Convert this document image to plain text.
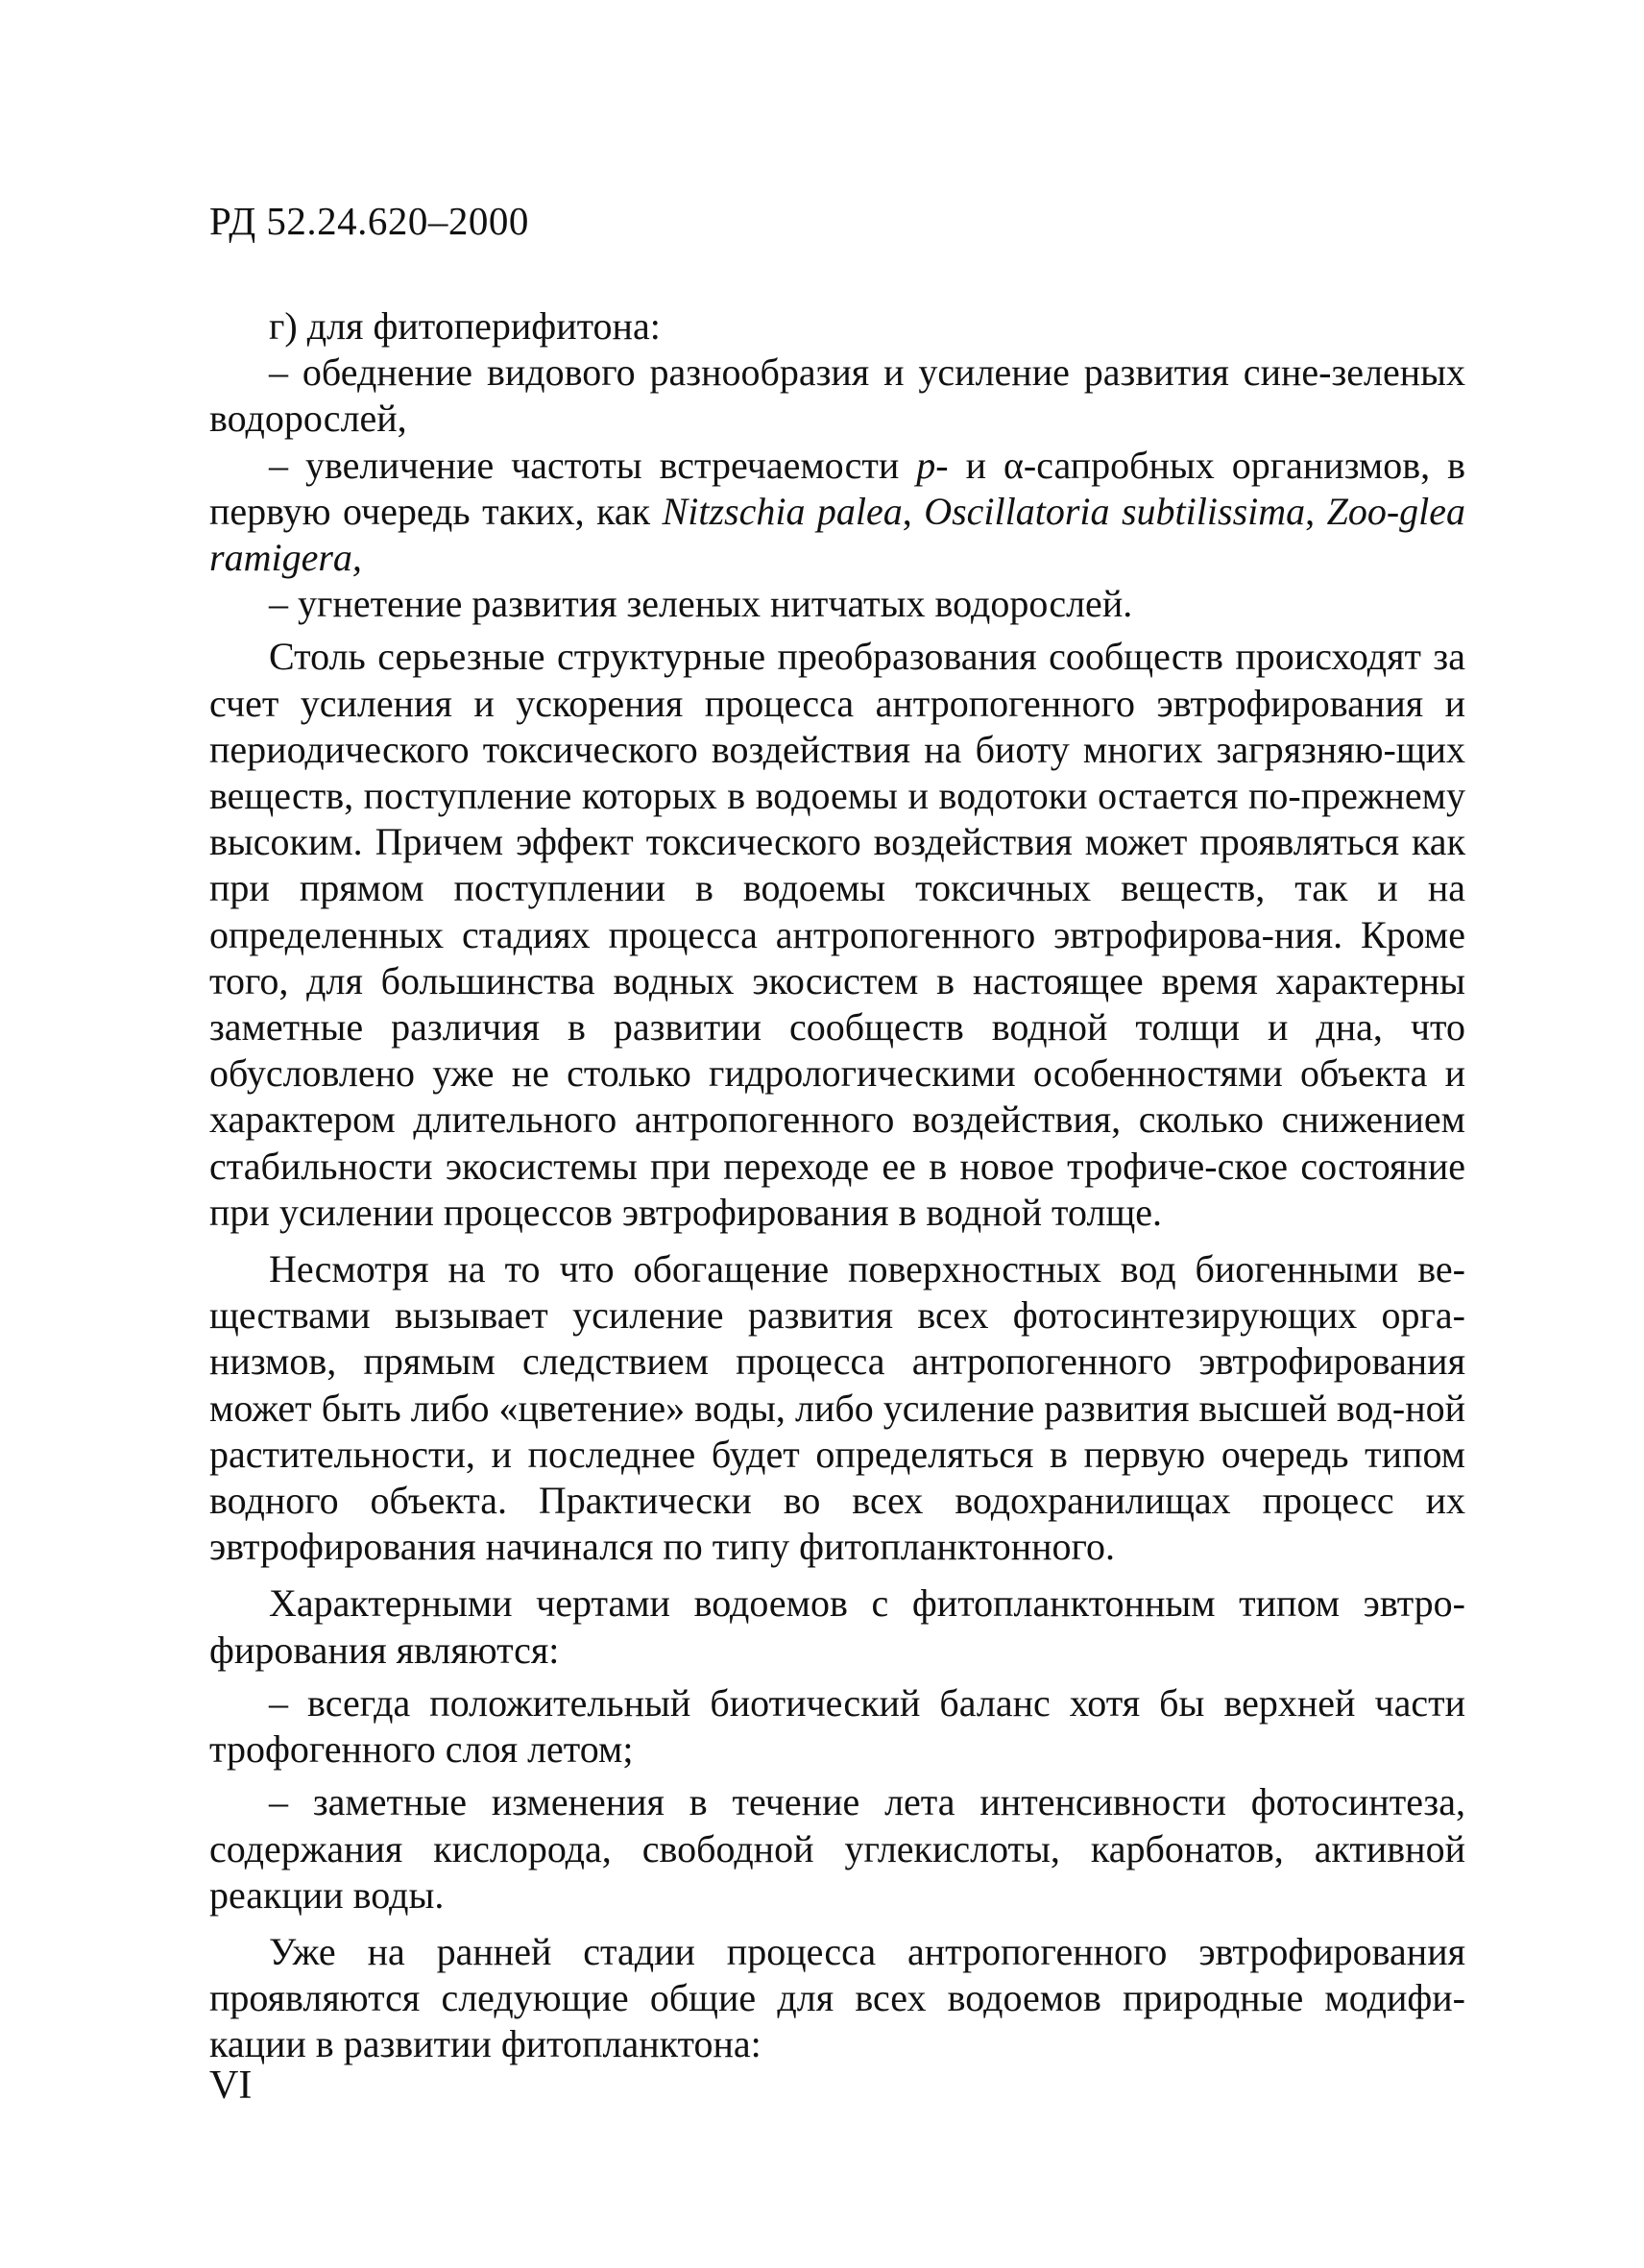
РД 52.24.620–2000

г) для фитоперифитона:

– обеднение видового разнообразия и усиление развития сине-зеленых водорослей,

– увеличение частоты встречаемости p- и α-сапробных организмов, в первую очередь таких, как Nitzschia palea, Oscillatoria subtilissima, Zoo-glea ramigera,

– угнетение развития зеленых нитчатых водорослей.

Столь серьезные структурные преобразования сообществ происходят за счет усиления и ускорения процесса антропогенного эвтрофирования и периодического токсического воздействия на биоту многих загрязняю-щих веществ, поступление которых в водоемы и водотоки остается по-прежнему высоким. Причем эффект токсического воздействия может проявляться как при прямом поступлении в водоемы токсичных веществ, так и на определенных стадиях процесса антропогенного эвтрофирова-ния. Кроме того, для большинства водных экосистем в настоящее время характерны заметные различия в развитии сообществ водной толщи и дна, что обусловлено уже не столько гидрологическими особенностями объекта и характером длительного антропогенного воздействия, сколько снижением стабильности экосистемы при переходе ее в новое трофиче-ское состояние при усилении процессов эвтрофирования в водной толще.

Несмотря на то что обогащение поверхностных вод биогенными ве-ществами вызывает усиление развития всех фотосинтезирующих орга-низмов, прямым следствием процесса антропогенного эвтрофирования может быть либо «цветение» воды, либо усиление развития высшей вод-ной растительности, и последнее будет определяться в первую очередь типом водного объекта. Практически во всех водохранилищах процесс их эвтрофирования начинался по типу фитопланктонного.

Характерными чертами водоемов с фитопланктонным типом эвтро-фирования являются:

– всегда положительный биотический баланс хотя бы верхней части трофогенного слоя летом;

– заметные изменения в течение лета интенсивности фотосинтеза, содержания кислорода, свободной углекислоты, карбонатов, активной реакции воды.

Уже на ранней стадии процесса антропогенного эвтрофирования проявляются следующие общие для всех водоемов природные модифи-кации в развитии фитопланктона:

VI
